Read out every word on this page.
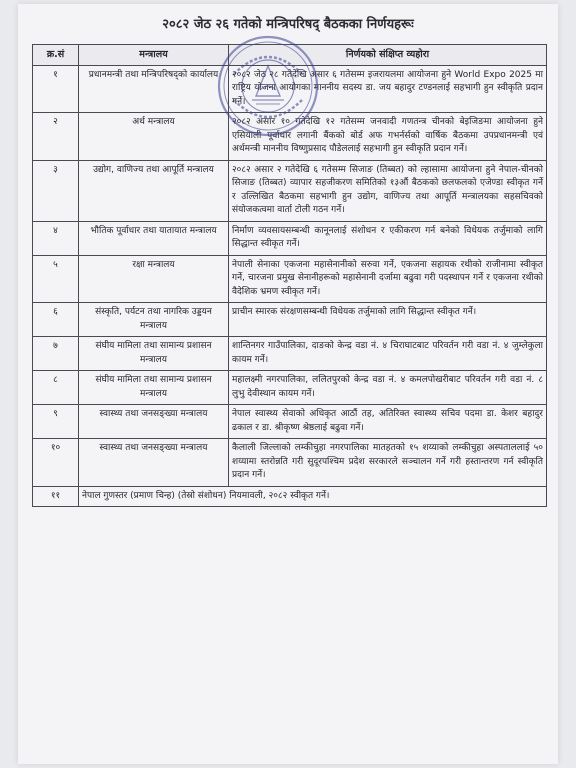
२०८२ जेठ २६ गतेको मन्त्रिपरिषद् बैठकका निर्णयहरूः
क्र.सं	मन्त्रालय	निर्णयको संक्षिप्त व्यहोरा
१	प्रधानमन्त्री तथा मन्त्रिपरिषद्को कार्यालय	२०८२ जेठ २८ गतेदेखि असार ६ गतेसम्म इजरायलमा आयोजना हुने World Expo 2025 मा राष्ट्रिय योजना आयोगका माननीय सदस्य डा. जय बहादुर टण्डनलाई सहभागी हुन स्वीकृति प्रदान गर्ने।
२	अर्थ मन्त्रालय	२०८२ असार १० गतेदेखि १२ गतेसम्म जनवादी गणतन्त्र चीनको बेइजिङमा आयोजना हुने एसियाली पूर्वाधार लगानी बैंकको बोर्ड अफ गभर्नर्सको वार्षिक बैठकमा उपप्रधानमन्त्री एवं अर्थमन्त्री माननीय विष्णुप्रसाद पौडेललाई सहभागी हुन स्वीकृति प्रदान गर्ने।
३	उद्योग, वाणिज्य तथा आपूर्ति मन्त्रालय	२०८२ असार २ गतेदेखि ६ गतेसम्म सिजाङ (तिब्बत) को ल्हासामा आयोजना हुने नेपाल-चीनको सिजाङ (तिब्बत) व्यापार सहजीकरण समितिको १३औं बैठकको छलफलको एजेण्डा स्वीकृत गर्ने र उल्लिखित बैठकमा सहभागी हुन उद्योग, वाणिज्य तथा आपूर्ति मन्त्रालयका सहसचिवको संयोजकत्वमा वार्ता टोली गठन गर्ने।
४	भौतिक पूर्वाधार तथा यातायात मन्त्रालय	निर्माण व्यवसायसम्बन्धी कानूनलाई संशोधन र एकीकरण गर्न बनेको विधेयक तर्जुमाको लागि सिद्धान्त स्वीकृत गर्ने।
५	रक्षा मन्त्रालय	नेपाली सेनाका एकजना महासेनानीको सरुवा गर्ने, एकजना सहायक रथीको राजीनामा स्वीकृत गर्ने, चारजना प्रमुख सेनानीहरूको महासेनानी दर्जामा बढुवा गरी पदस्थापन गर्ने र एकजना रथीको वैदेशिक भ्रमण स्वीकृत गर्ने।
६	संस्कृति, पर्यटन तथा नागरिक उड्डयन मन्त्रालय	प्राचीन स्मारक संरक्षणसम्बन्धी विधेयक तर्जुमाको लागि सिद्धान्त स्वीकृत गर्ने।
७	संघीय मामिला तथा सामान्य प्रशासन मन्त्रालय	शान्तिनगर गाउँपालिका, दाङको केन्द्र वडा नं. ४ चिराघाटबाट परिवर्तन गरी वडा नं. ४ जुम्लेकुला कायम गर्ने।
८	संघीय मामिला तथा सामान्य प्रशासन मन्त्रालय	महालक्ष्मी नगरपालिका, ललितपुरको केन्द्र वडा नं. ४ कमलपोखरीबाट परिवर्तन गरी वडा नं. ८ लुभु देवीस्थान कायम गर्ने।
९	स्वास्थ्य तथा जनसङ्ख्या मन्त्रालय	नेपाल स्वास्थ्य सेवाको अधिकृत आठौं तह, अतिरिक्त स्वास्थ्य सचिव पदमा डा. केशर बहादुर ढकाल र डा. श्रीकृष्ण श्रेष्ठलाई बढुवा गर्ने।
१०	स्वास्थ्य तथा जनसङ्ख्या मन्त्रालय	कैलाली जिल्लाको लम्कीचुहा नगरपालिका मातहतको १५ शय्याको लम्कीचुहा अस्पताललाई ५० शय्यामा स्तरोन्नति गरी सुदूरपश्चिम प्रदेश सरकारले सञ्चालन गर्ने गरी हस्तान्तरण गर्न स्वीकृति प्रदान गर्ने।
११	नेपाल गुणस्तर (प्रमाण चिन्ह) (तेस्रो संशोधन) नियमावली, २०८२ स्वीकृत गर्ने।	
